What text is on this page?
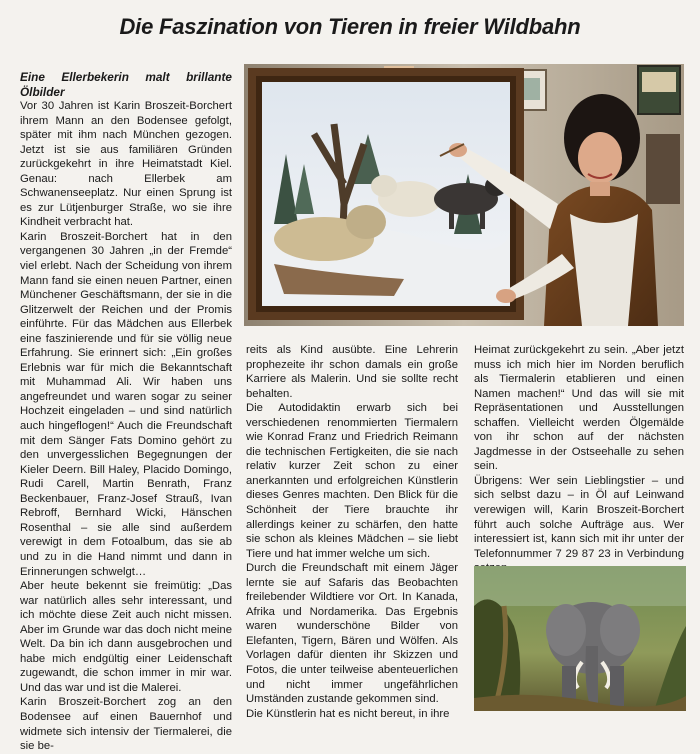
Die Faszination von Tieren in freier Wildbahn

Eine Ellerbekerin malt brillante Ölbilder

Vor 30 Jahren ist Karin Broszeit-Borchert ihrem Mann an den Bodensee gefolgt, später mit ihm nach München gezogen. Jetzt ist sie aus familiären Gründen zurückgekehrt in ihre Heimatstadt Kiel. Genau: nach Ellerbek am Schwanenseeplatz. Nur einen Sprung ist es zur Lütjenburger Straße, wo sie ihre Kindheit verbracht hat.

Karin Broszeit-Borchert hat in den vergangenen 30 Jahren „in der Fremde“ viel erlebt. Nach der Scheidung von ihrem Mann fand sie einen neuen Partner, einen Münchener Geschäftsmann, der sie in die Glitzerwelt der Reichen und der Promis einführte. Für das Mädchen aus Ellerbek eine faszinierende und für sie völlig neue Erfahrung. Sie erinnert sich: „Ein großes Erlebnis war für mich die Bekanntschaft mit Muhammad Ali. Wir haben uns angefreundet und waren sogar zu seiner Hochzeit eingeladen – und sind natürlich auch hingeflogen!“ Auch die Freundschaft mit dem Sänger Fats Domino gehört zu den unvergesslichen Begegnungen der Kieler Deern. Bill Haley, Placido Domingo, Rudi Carell, Martin Benrath, Franz Beckenbauer, Franz-Josef Strauß, Ivan Rebroff, Bernhard Wicki, Hänschen Rosenthal – sie alle sind außerdem verewigt in dem Fotoalbum, das sie ab und zu in die Hand nimmt und dann in Erinnerungen schwelgt…

Aber heute bekennt sie freimütig: „Das war natürlich alles sehr interessant, und ich möchte diese Zeit auch nicht missen. Aber im Grunde war das doch nicht meine Welt. Da bin ich dann ausgebrochen und habe mich endgültig einer Leidenschaft zugewandt, die schon immer in mir war. Und das war und ist die Malerei.

Karin Broszeit-Borchert zog an den Bodensee auf einen Bauernhof und widmete sich intensiv der Tiermalerei, die sie be-

reits als Kind ausübte. Eine Lehrerin prophezeite ihr schon damals ein große Karriere als Malerin. Und sie sollte recht behalten.

Die Autodidaktin erwarb sich bei verschiedenen renommierten Tiermalern wie Konrad Franz und Friedrich Reimann die technischen Fertigkeiten, die sie nach relativ kurzer Zeit schon zu einer anerkannten und erfolgreichen Künstlerin dieses Genres machten. Den Blick für die Schönheit der Tiere brauchte ihr allerdings keiner zu schärfen, den hatte sie schon als kleines Mädchen – sie liebt Tiere und hat immer welche um sich.

Durch die Freundschaft mit einem Jäger lernte sie auf Safaris das Beobachten freilebender Wildtiere vor Ort. In Kanada, Afrika und Nordamerika. Das Ergebnis waren wunderschöne Bilder von Elefanten, Tigern, Bären und Wölfen. Als Vorlagen dafür dienten ihr Skizzen und Fotos, die unter teilweise abenteuerlichen und nicht immer ungefährlichen Umständen zustande gekommen sind.

Die Künstlerin hat es nicht bereut, in ihre

Heimat zurückgekehrt zu sein. „Aber jetzt muss ich mich hier im Norden beruflich als Tiermalerin etablieren und einen Namen machen!“ Und das will sie mit Repräsentationen und Ausstellungen schaffen. Vielleicht werden Ölgemälde von ihr schon auf der nächsten Jagdmesse in der Ostseehalle zu sehen sein.

Übrigens: Wer sein Lieblingstier – und sich selbst dazu – in Öl auf Leinwand verewigen will, Karin Broszeit-Borchert führt auch solche Aufträge aus. Wer interessiert ist, kann sich mit ihr unter der Telefonnummer 7 29 87 23 in Verbindung
